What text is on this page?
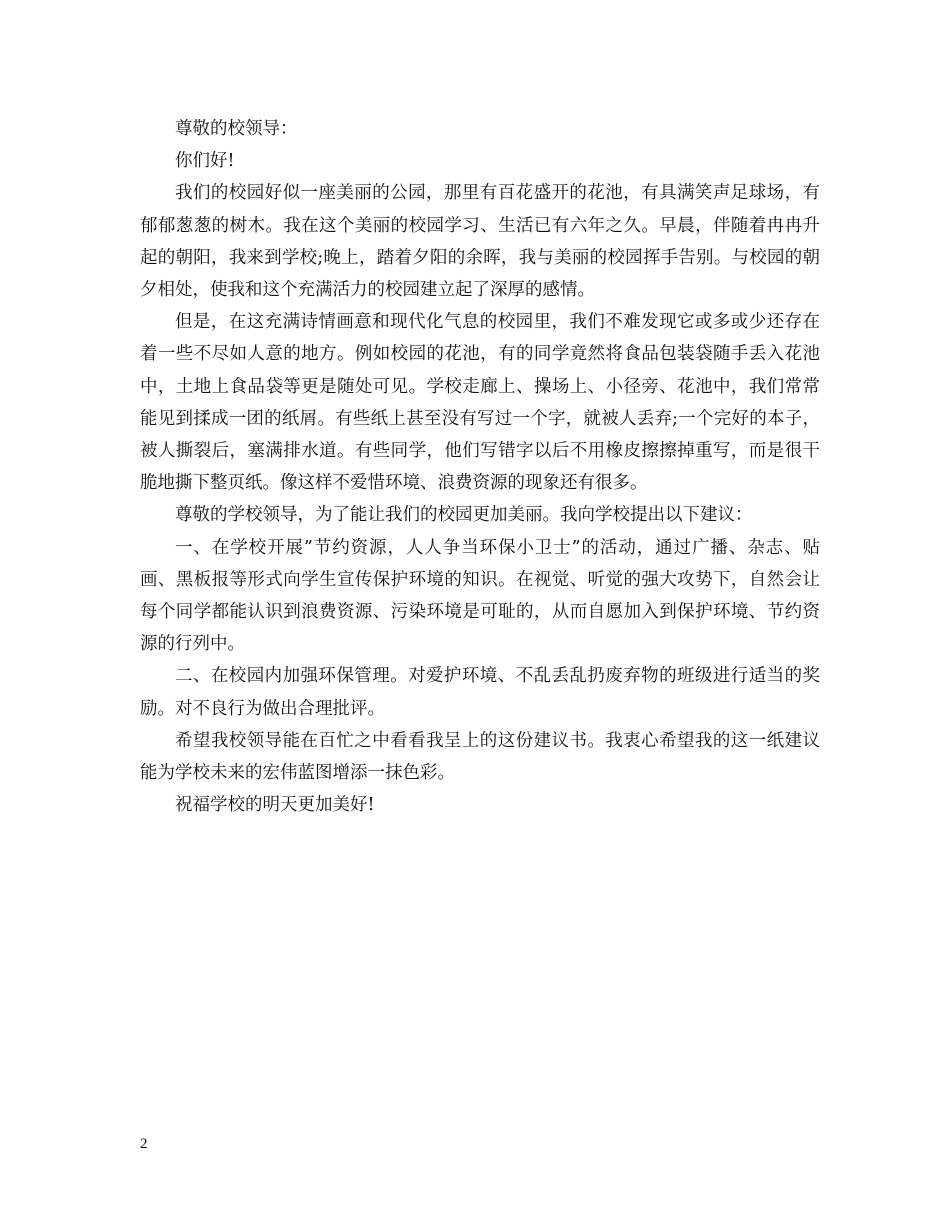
尊敬的校领导：

你们好!

我们的校园好似一座美丽的公园，那里有百花盛开的花池，有具满笑声足球场，有郁郁葱葱的树木。我在这个美丽的校园学习、生活已有六年之久。早晨，伴随着冉冉升起的朝阳，我来到学校;晚上，踏着夕阳的余晖，我与美丽的校园挥手告别。与校园的朝夕相处，使我和这个充满活力的校园建立起了深厚的感情。

但是，在这充满诗情画意和现代化气息的校园里，我们不难发现它或多或少还存在着一些不尽如人意的地方。例如校园的花池，有的同学竟然将食品包装袋随手丢入花池中，土地上食品袋等更是随处可见。学校走廊上、操场上、小径旁、花池中，我们常常能见到揉成一团的纸屑。有些纸上甚至没有写过一个字，就被人丢弃;一个完好的本子，被人撕裂后，塞满排水道。有些同学，他们写错字以后不用橡皮擦擦掉重写，而是很干脆地撕下整页纸。像这样不爱惜环境、浪费资源的现象还有很多。

尊敬的学校领导，为了能让我们的校园更加美丽。我向学校提出以下建议：

一、在学校开展”节约资源，人人争当环保小卫士”的活动，通过广播、杂志、贴画、黑板报等形式向学生宣传保护环境的知识。在视觉、听觉的强大攻势下，自然会让每个同学都能认识到浪费资源、污染环境是可耻的，从而自愿加入到保护环境、节约资源的行列中。

二、在校园内加强环保管理。对爱护环境、不乱丢乱扔废弃物的班级进行适当的奖励。对不良行为做出合理批评。

希望我校领导能在百忙之中看看我呈上的这份建议书。我衷心希望我的这一纸建议能为学校未来的宏伟蓝图增添一抹色彩。

祝福学校的明天更加美好!

2
